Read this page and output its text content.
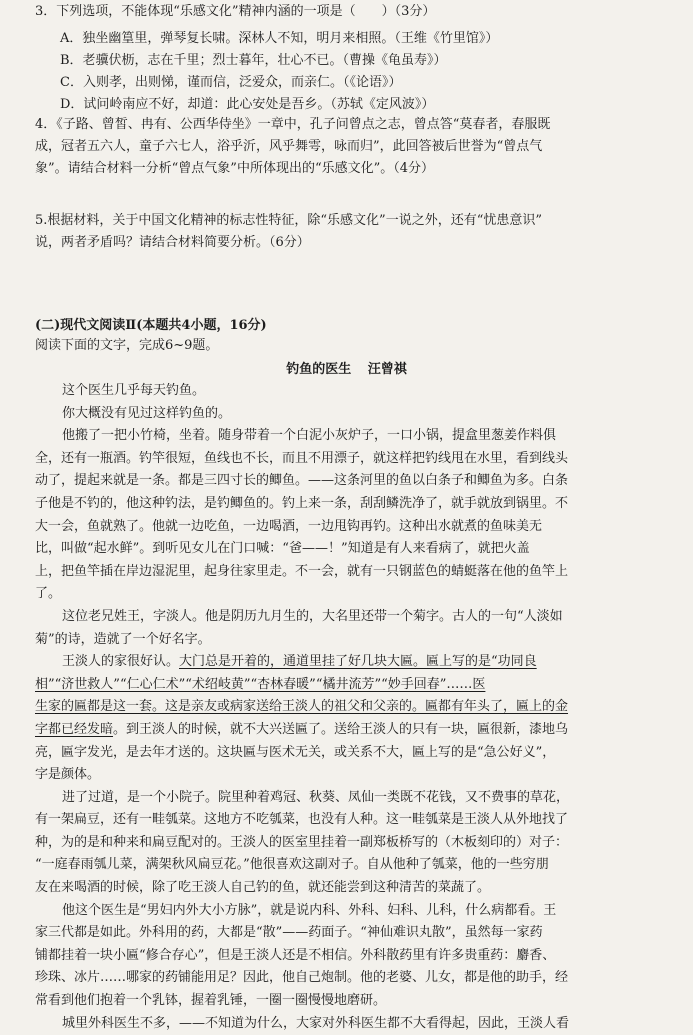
3．下列选项，不能体现“乐感文化”精神内涵的一项是（　　）（3分）
A．独坐幽篁里，弹琴复长啸。深林人不知，明月来相照。（王维《竹里馆》）
B．老骥伏枥，志在千里；烈士暮年，壮心不已。（曹操《龟虽寿》）
C．入则孝，出则悌，谨而信，泛爱众，而亲仁。（《论语》）
D．试问岭南应不好，却道：此心安处是吾乡。（苏轼《定风波》）
4．《子路、曾皙、冉有、公西华侍坐》一章中，孔子问曾点之志，曾点答“莫春者，春服既
成，冠者五六人，童子六七人，浴乎沂，风乎舞雩，咏而归”，此回答被后世誉为“曾点气
象”。请结合材料一分析“曾点气象”中所体现出的“乐感文化”。（4分）
5.根据材料，关于中国文化精神的标志性特征，除“乐感文化”一说之外，还有“忧患意识”
说，两者矛盾吗？请结合材料简要分析。（6分）
(二)现代文阅读Ⅱ(本题共4小题，16分)
阅读下面的文字，完成6~9题。
钓鱼的医生 汪曾祺
这个医生几乎每天钓鱼。
你大概没有见过这样钓鱼的。
他搬了一把小竹椅，坐着。随身带着一个白泥小灰炉子，一口小锅，提盒里葱姜作料俱
全，还有一瓶酒。钓竿很短，鱼线也不长，而且不用漂子，就这样把钓线甩在水里，看到线头
动了，提起来就是一条。都是三四寸长的鲫鱼。——这条河里的鱼以白条子和鲫鱼为多。白条
子他是不钓的，他这种钓法，是钓鲫鱼的。钓上来一条，刮刮鳞洗净了，就手就放到锅里。不
大一会，鱼就熟了。他就一边吃鱼，一边喝酒，一边甩钩再钓。这种出水就煮的鱼味美无
比，叫做“起水鲜”。到听见女儿在门口喊：“爸——！”知道是有人来看病了，就把火盖
上，把鱼竿插在岸边湿泥里，起身往家里走。不一会，就有一只钢蓝色的蜻蜓落在他的鱼竿上
了。
这位老兄姓王，字淡人。他是阴历九月生的，大名里还带一个菊字。古人的一句“人淡如
菊”的诗，造就了一个好名字。
王淡人的家很好认。大门总是开着的，通道里挂了好几块大匾。匾上写的是“功同良
相”“济世救人”“仁心仁术”“术绍岐黄”“杏林春暖”“橘井流芳”“妙手回春”……医
生家的匾都是这一套。这是亲友或病家送给王淡人的祖父和父亲的。匾都有年头了，匾上的金
字都已经发暗。到王淡人的时候，就不大兴送匾了。送给王淡人的只有一块，匾很新，漆地乌
亮，匾字发光，是去年才送的。这块匾与医术无关，或关系不大，匾上写的是“急公好义”，
字是颜体。
进了过道，是一个小院子。院里种着鸡冠、秋葵、凤仙一类既不花钱，又不费事的草花，
有一架扁豆，还有一畦瓠菜。这地方不吃瓠菜，也没有人种。这一畦瓠菜是王淡人从外地找了
种，为的是和种来和扁豆配对的。王淡人的医室里挂着一副郑板桥写的（木板刻印的）对子：
“一庭春雨瓠儿菜，满架秋风扁豆花。”他很喜欢这副对子。自从他种了瓠菜，他的一些穷朋
友在来喝酒的时候，除了吃王淡人自己钓的鱼，就还能尝到这种清苦的菜蔬了。
他这个医生是“男妇内外大小方脉”，就是说内科、外科、妇科、儿科，什么病都看。王
家三代都是如此。外科用的药，大都是“散”——药面子。“神仙难识丸散”，虽然每一家药
铺都挂着一块小匾“修合存心”，但是王淡人还是不相信。外科散药里有许多贵重药：麝香、
珍珠、冰片……哪家的药铺能用足？因此，他自己炮制。他的老婆、儿女，都是他的助手，经
常看到他们抱着一个乳钵，握着乳锤，一圈一圈慢慢地磨研。
城里外科医生不多，——不知道为什么，大家对外科医生都不大看得起，因此，王淡人看
